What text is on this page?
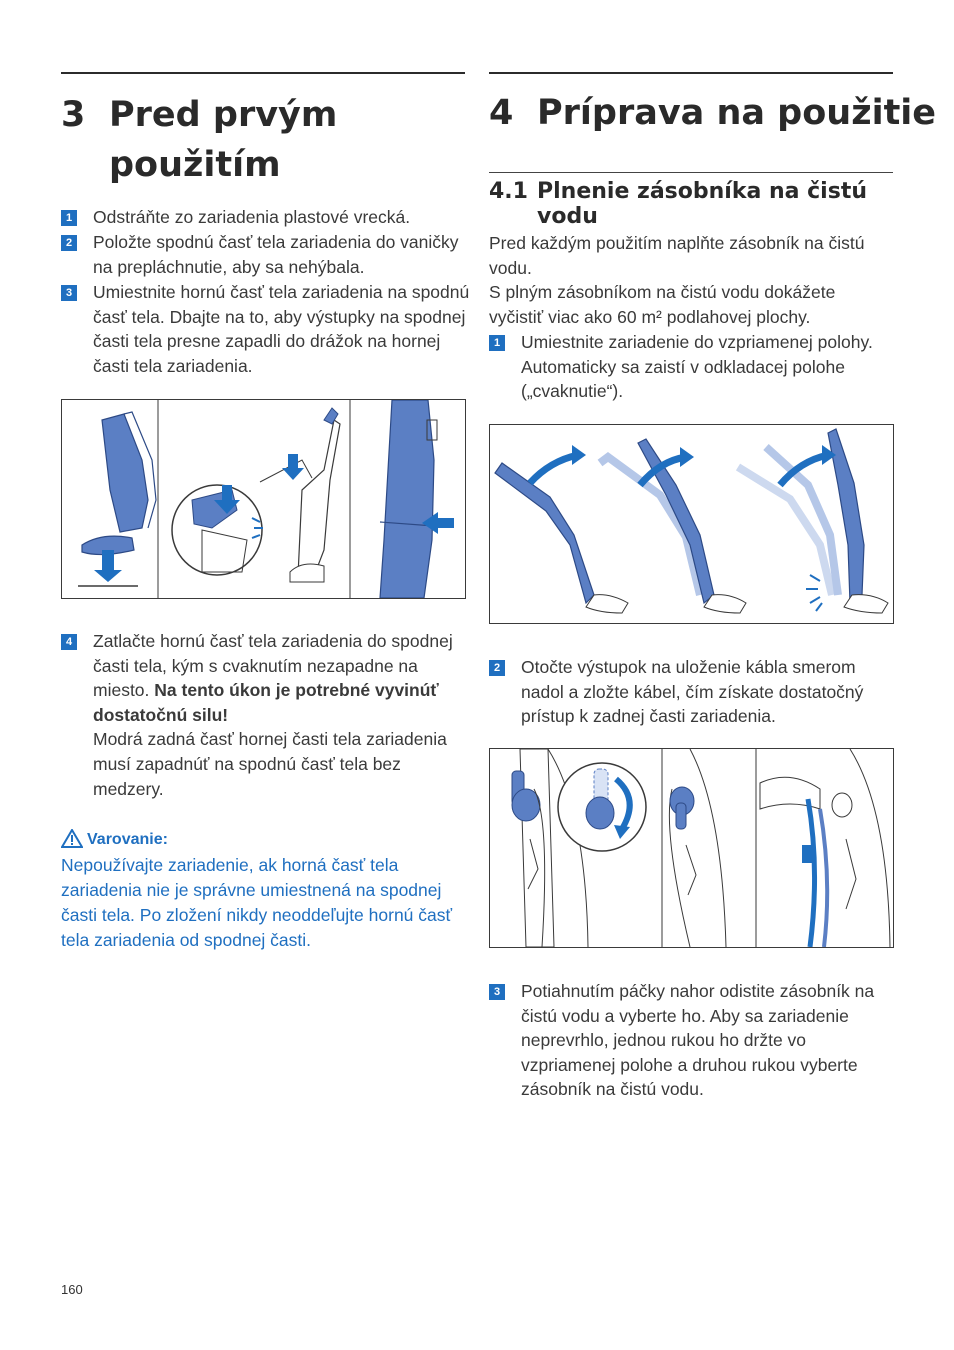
3 Pred prvým
použitím
1 Odstráňte zo zariadenia plastové vrecká.
2 Položte spodnú časť tela zariadenia do vaničky na prepláchnutie, aby sa nehýbala.
3 Umiestnite hornú časť tela zariadenia na spodnú časť tela. Dbajte na to, aby výstupky na spodnej časti tela presne zapadli do drážok na hornej časti tela zariadenia.
4 Zatlačte hornú časť tela zariadenia do spodnej časti tela, kým s cvaknutím nezapadne na miesto. Na tento úkon je potrebné vyvinúť dostatočnú silu!
Modrá zadná časť hornej časti tela zariadenia musí zapadnúť na spodnú časť tela bez medzery.
Varovanie:
Nepoužívajte zariadenie, ak horná časť tela zariadenia nie je správne umiestnená na spodnej časti tela. Po zložení nikdy neoddeľujte hornú časť tela zariadenia od spodnej časti.
4 Príprava na použitie
4.1 Plnenie zásobníka na čistú vodu
Pred každým použitím naplňte zásobník na čistú vodu.
S plným zásobníkom na čistú vodu dokážete vyčistiť viac ako 60 m² podlahovej plochy.
1 Umiestnite zariadenie do vzpriamenej polohy. Automaticky sa zaistí v odkladacej polohe („cvaknutie“).
2 Otočte výstupok na uloženie kábla smerom nadol a zložte kábel, čím získate dostatočný prístup k zadnej časti zariadenia.
3 Potiahnutím páčky nahor odistite zásobník na čistú vodu a vyberte ho. Aby sa zariadenie neprevrhlo, jednou rukou ho držte vo vzpriamenej polohe a druhou rukou vyberte zásobník na čistú vodu.
160
